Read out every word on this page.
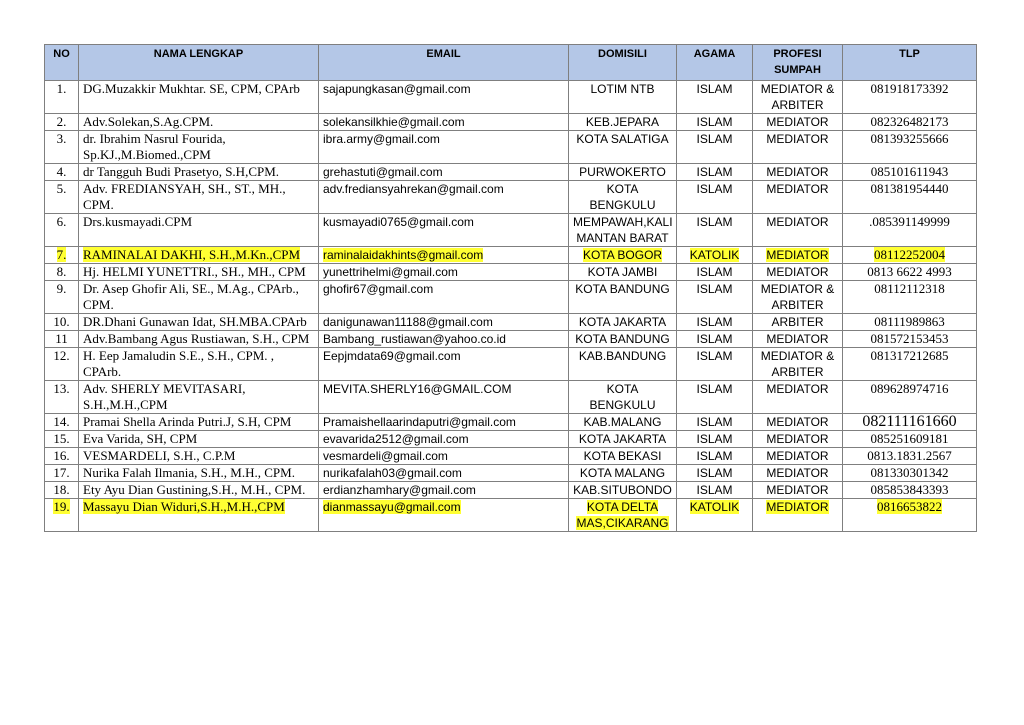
NO	NAMA LENGKAP	EMAIL	DOMISILI	AGAMA	PROFESI SUMPAH	TLP
1.	DG.Muzakkir Mukhtar. SE, CPM, CPArb	sajapungkasan@gmail.com	LOTIM NTB	ISLAM	MEDIATOR & ARBITER	081918173392
2.	Adv.Solekan,S.Ag.CPM.	solekansilkhie@gmail.com	KEB.JEPARA	ISLAM	MEDIATOR	082326482173
3.	dr. Ibrahim Nasrul Fourida, Sp.KJ.,M.Biomed.,CPM	ibra.army@gmail.com	KOTA SALATIGA	ISLAM	MEDIATOR	081393255666
4.	dr Tangguh Budi Prasetyo, S.H,CPM.	grehastuti@gmail.com	PURWOKERTO	ISLAM	MEDIATOR	085101611943
5.	Adv. FREDIANSYAH, SH., ST., MH., CPM.	adv.frediansyahrekan@gmail.com	KOTA BENGKULU	ISLAM	MEDIATOR	081381954440
6.	Drs.kusmayadi.CPM	kusmayadi0765@gmail.com	MEMPAWAH,KALI MANTAN BARAT	ISLAM	MEDIATOR	.085391149999
7.	RAMINALAI DAKHI, S.H.,M.Kn.,CPM	raminalaidakhints@gmail.com	KOTA BOGOR	KATOLIK	MEDIATOR	08112252004
8.	Hj. HELMI YUNETTRI., SH., MH., CPM	yunettrihelmi@gmail.com	KOTA JAMBI	ISLAM	MEDIATOR	0813 6622 4993
9.	Dr. Asep Ghofir Ali, SE., M.Ag., CPArb., CPM.	ghofir67@gmail.com	KOTA BANDUNG	ISLAM	MEDIATOR & ARBITER	08112112318
10.	DR.Dhani Gunawan Idat, SH.MBA.CPArb	danigunawan11188@gmail.com	KOTA JAKARTA	ISLAM	ARBITER	08111989863
11	Adv.Bambang Agus Rustiawan, S.H., CPM	Bambang_rustiawan@yahoo.co.id	KOTA BANDUNG	ISLAM	MEDIATOR	081572153453
12.	H. Eep Jamaludin S.E., S.H., CPM. , CPArb.	Eepjmdata69@gmail.com	KAB.BANDUNG	ISLAM	MEDIATOR & ARBITER	081317212685
13.	Adv. SHERLY MEVITASARI, S.H.,M.H.,CPM	MEVITA.SHERLY16@GMAIL.COM	KOTA BENGKULU	ISLAM	MEDIATOR	089628974716
14.	Pramai Shella Arinda Putri.J, S.H, CPM	Pramaishellaarindaputri@gmail.com	KAB.MALANG	ISLAM	MEDIATOR	082111161660
15.	Eva Varida, SH, CPM	evavarida2512@gmail.com	KOTA JAKARTA	ISLAM	MEDIATOR	085251609181
16.	VESMARDELI, S.H., C.P.M	vesmardeli@gmail.com	KOTA BEKASI	ISLAM	MEDIATOR	0813.1831.2567
17.	Nurika Falah Ilmania, S.H., M.H., CPM.	nurikafalah03@gmail.com	KOTA MALANG	ISLAM	MEDIATOR	081330301342
18.	Ety Ayu Dian Gustining,S.H., M.H., CPM.	erdianzhamhary@gmail.com	KAB.SITUBONDO	ISLAM	MEDIATOR	085853843393
19.	Massayu Dian Widuri,S.H.,M.H.,CPM	dianmassayu@gmail.com	KOTA DELTA MAS,CIKARANG	KATOLIK	MEDIATOR	0816653822
